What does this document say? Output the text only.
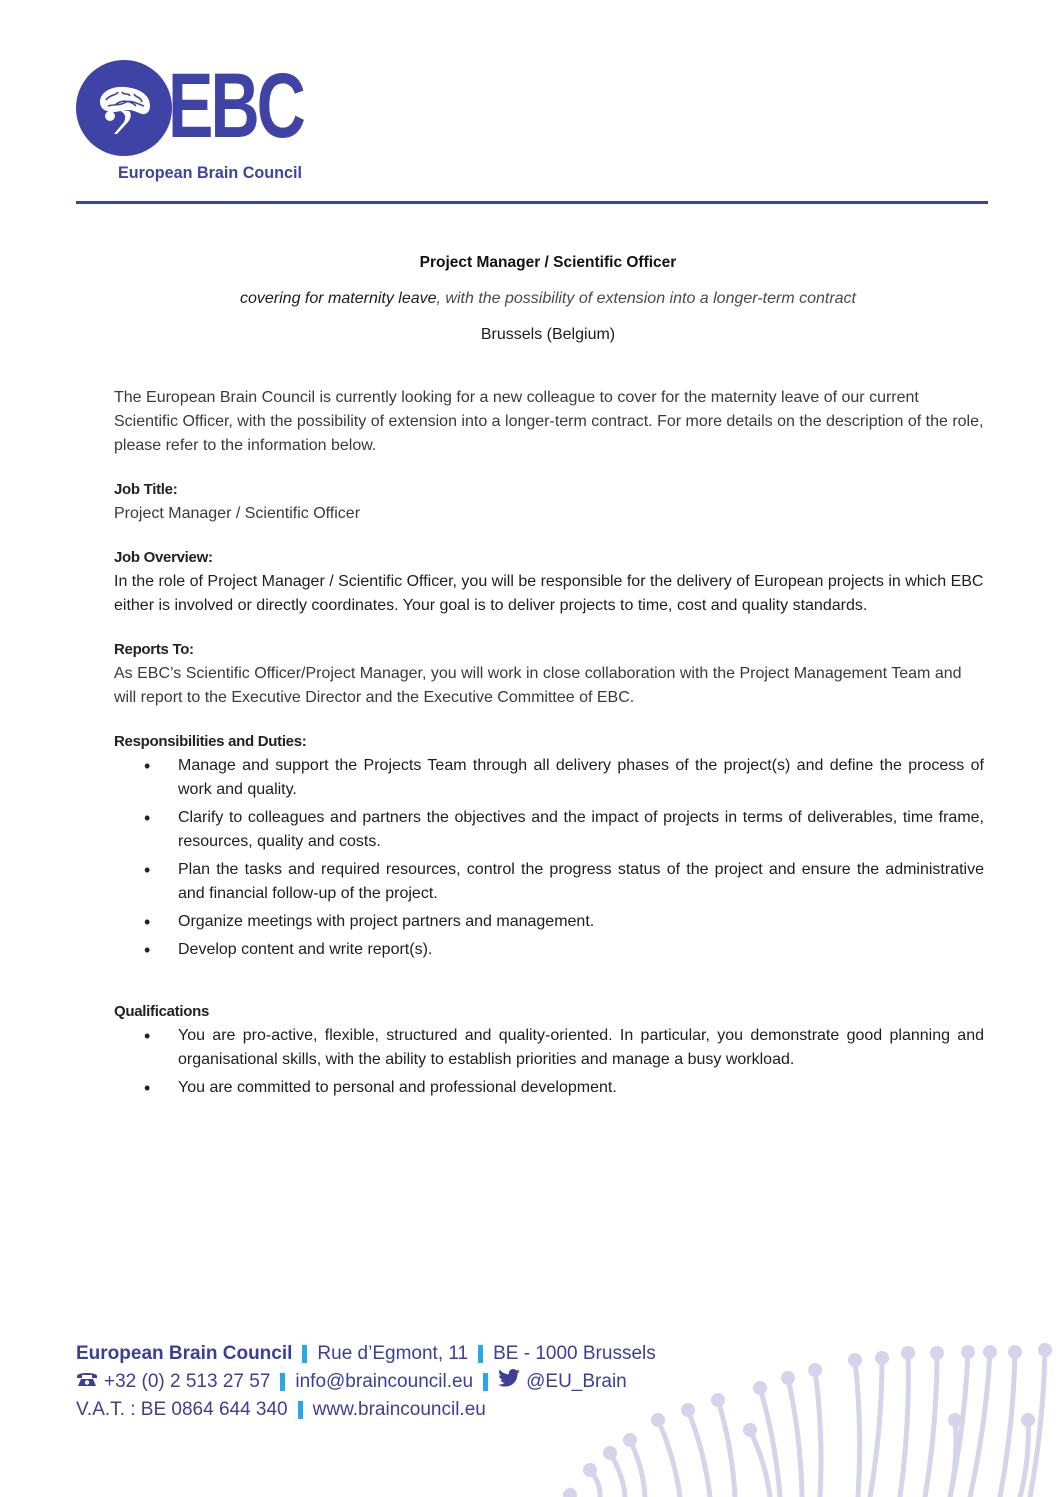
EBC
European Brain Council

Project Manager / Scientific Officer

covering for maternity leave, with the possibility of extension into a longer-term contract

Brussels (Belgium)

The European Brain Council is currently looking for a new colleague to cover for the maternity leave of our current Scientific Officer, with the possibility of extension into a longer-term contract. For more details on the description of the role, please refer to the information below.

Job Title:

Project Manager / Scientific Officer

Job Overview:

In the role of Project Manager / Scientific Officer, you will be responsible for the delivery of European projects in which EBC either is involved or directly coordinates. Your goal is to deliver projects to time, cost and quality standards.

Reports To:

As EBC’s Scientific Officer/Project Manager, you will work in close collaboration with the Project Management Team and will report to the Executive Director and the Executive Committee of EBC.

Responsibilities and Duties:
• Manage and support the Projects Team through all delivery phases of the project(s) and define the process of work and quality.
• Clarify to colleagues and partners the objectives and the impact of projects in terms of deliverables, time frame, resources, quality and costs.
• Plan the tasks and required resources, control the progress status of the project and ensure the administrative and financial follow-up of the project.
• Organize meetings with project partners and management.
• Develop content and write report(s).
Qualifications
• You are pro-active, flexible, structured and quality-oriented. In particular, you demonstrate good planning and organisational skills, with the ability to establish priorities and manage a busy workload.
• You are committed to personal and professional development.
European Brain Council Rue d’Egmont, 11 BE - 1000 Brussels
+32 (0) 2 513 27 57 info@braincouncil.eu	@EU_Brain
V.A.T. : BE 0864 644 340 www.braincouncil.eu
